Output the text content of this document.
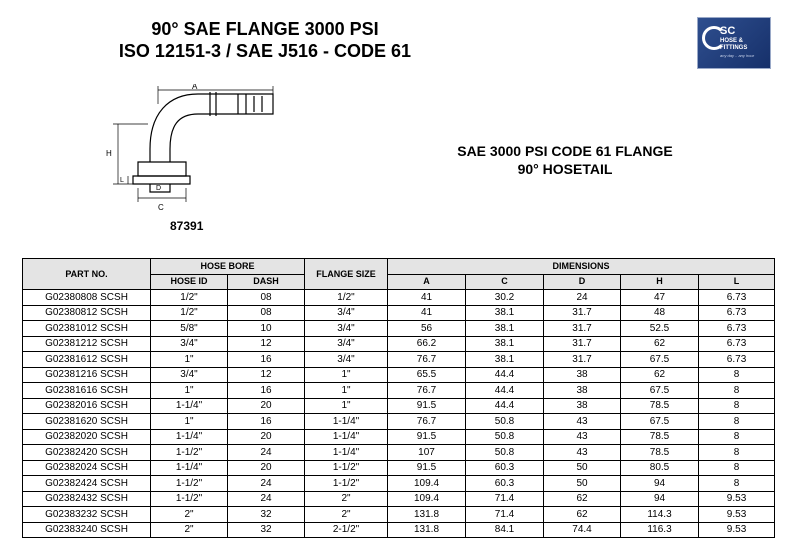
90° SAE FLANGE 3000 PSI
ISO 12151-3 / SAE J516 - CODE 61
SC
HOSE &
FITTINGS
any day .. any hour
A
H
C
L
D
87391
SAE 3000 PSI CODE 61 FLANGE
90° HOSETAIL
PART NO.	HOSE BORE		FLANGE SIZE	DIMENSIONS				
	HOSE ID	DASH		A	C	D	H	L
G02380808 SCSH	1/2"	08	1/2"	41	30.2	24	47	6.73
G02380812 SCSH	1/2"	08	3/4"	41	38.1	31.7	48	6.73
G02381012 SCSH	5/8"	10	3/4"	56	38.1	31.7	52.5	6.73
G02381212 SCSH	3/4"	12	3/4"	66.2	38.1	31.7	62	6.73
G02381612 SCSH	1"	16	3/4"	76.7	38.1	31.7	67.5	6.73
G02381216 SCSH	3/4"	12	1"	65.5	44.4	38	62	8
G02381616 SCSH	1"	16	1"	76.7	44.4	38	67.5	8
G02382016 SCSH	1-1/4"	20	1"	91.5	44.4	38	78.5	8
G02381620 SCSH	1"	16	1-1/4"	76.7	50.8	43	67.5	8
G02382020 SCSH	1-1/4"	20	1-1/4"	91.5	50.8	43	78.5	8
G02382420 SCSH	1-1/2"	24	1-1/4"	107	50.8	43	78.5	8
G02382024 SCSH	1-1/4"	20	1-1/2"	91.5	60.3	50	80.5	8
G02382424 SCSH	1-1/2"	24	1-1/2"	109.4	60.3	50	94	8
G02382432 SCSH	1-1/2"	24	2"	109.4	71.4	62	94	9.53
G02383232 SCSH	2"	32	2"	131.8	71.4	62	114.3	9.53
G02383240 SCSH	2"	32	2-1/2"	131.8	84.1	74.4	116.3	9.53
